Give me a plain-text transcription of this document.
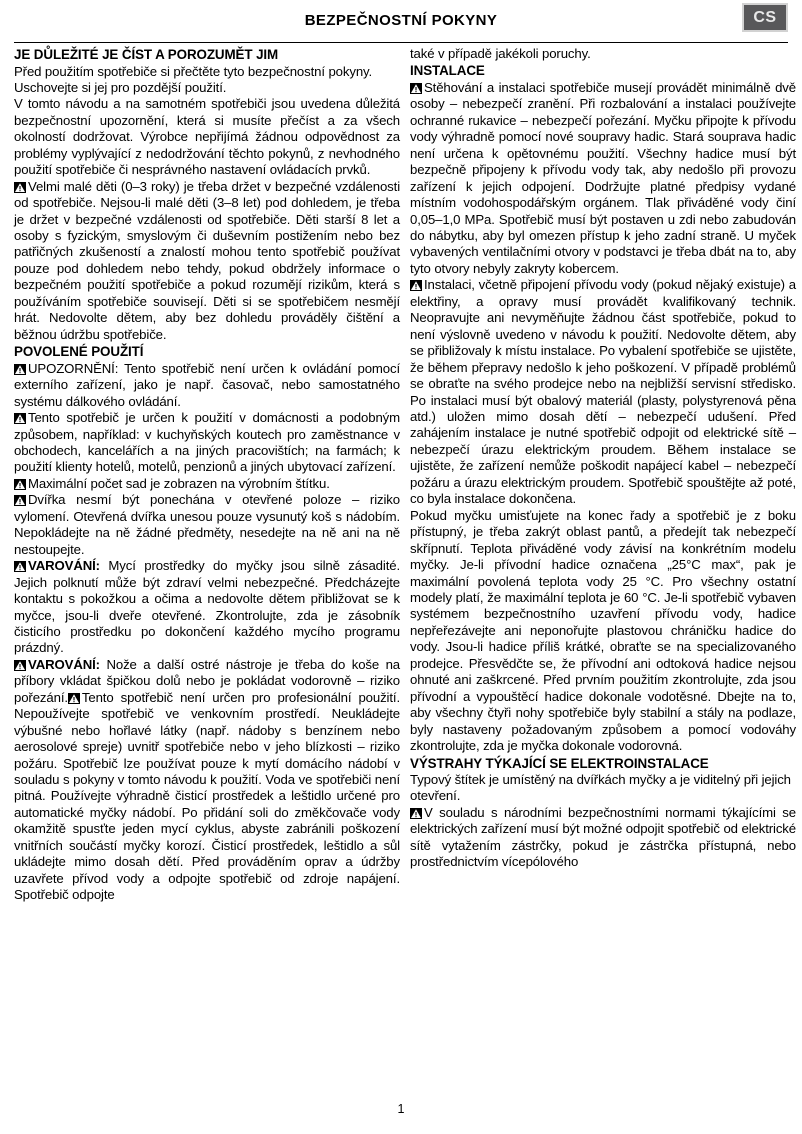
BEZPEČNOSTNÍ POKYNY	CS
JE DŮLEŽITÉ JE ČÍST A POROZUMĚT JIM

Před použitím spotřebiče si přečtěte tyto bezpečnostní pokyny. Uschovejte si jej pro pozdější použití.

V tomto návodu a na samotném spotřebiči jsou uvedena důležitá bezpečnostní upozornění, která si musíte přečíst a za všech okolností dodržovat. Výrobce nepřijímá žádnou odpovědnost za problémy vyplývající z nedodržování těchto pokynů, z nevhodného použití spotřebiče či nesprávného nastavení ovládacích prvků.

Velmi malé děti (0–3 roky) je třeba držet v bezpečné vzdálenosti od spotřebiče. Nejsou-li malé děti (3–8 let) pod dohledem, je třeba je držet v bezpečné vzdálenosti od spotřebiče. Děti starší 8 let a osoby s fyzickým, smyslovým či duševním postižením nebo bez patřičných zkušeností a znalostí mohou tento spotřebič používat pouze pod dohledem nebo tehdy, pokud obdržely informace o bezpečném použití spotřebiče a pokud rozumějí rizikům, která s používáním spotřebiče souvisejí. Děti si se spotřebičem nesmějí hrát. Nedovolte dětem, aby bez dohledu prováděly čištění a běžnou údržbu spotřebiče.

POVOLENÉ POUŽITÍ

UPOZORNĚNÍ: Tento spotřebič není určen k ovládání pomocí externího zařízení, jako je např. časovač, nebo samostatného systému dálkového ovládání.

Tento spotřebič je určen k použití v domácnosti a podobným způsobem, například: v kuchyňských koutech pro zaměstnance v obchodech, kancelářích a na jiných pracovištích; na farmách; k použití klienty hotelů, motelů, penzionů a jiných ubytovací zařízení.

Maximální počet sad je zobrazen na výrobním štítku.

Dvířka nesmí být ponechána v otevřené poloze – riziko vylomení. Otevřená dvířka unesou pouze vysunutý koš s nádobím. Nepokládejte na ně žádné předměty, nesedejte na ně ani na ně nestoupejte.

VAROVÁNÍ: Mycí prostředky do myčky jsou silně zásadité. Jejich polknutí může být zdraví velmi nebezpečné. Předcházejte kontaktu s pokožkou a očima a nedovolte dětem přibližovat se k myčce, jsou-li dveře otevřené. Zkontrolujte, zda je zásobník čisticího prostředku po dokončení každého mycího programu prázdný.

VAROVÁNÍ: Nože a další ostré nástroje je třeba do koše na příbory vkládat špičkou dolů nebo je pokládat vodorovně – riziko pořezání. Tento spotřebič není určen pro profesionální použití. Nepoužívejte spotřebič ve venkovním prostředí. Neukládejte výbušné nebo hořlavé látky (např. nádoby s benzínem nebo aerosolové spreje) uvnitř spotřebiče nebo v jeho blízkosti – riziko požáru. Spotřebič lze používat pouze k mytí domácího nádobí v souladu s pokyny v tomto návodu k použití. Voda ve spotřebiči není pitná. Používejte výhradně čisticí prostředek a leštidlo určené pro automatické myčky nádobí. Po přidání soli do změkčovače vody okamžitě spusťte jeden mycí cyklus, abyste zabránili poškození vnitřních součástí myčky korozí. Čisticí prostředek, leštidlo a sůl ukládejte mimo dosah dětí. Před prováděním oprav a údržby uzavřete přívod vody a odpojte spotřebič od zdroje napájení. Spotřebič odpojte

také v případě jakékoli poruchy.

INSTALACE

Stěhování a instalaci spotřebiče musejí provádět minimálně dvě osoby – nebezpečí zranění. Při rozbalování a instalaci používejte ochranné rukavice – nebezpečí pořezání. Myčku připojte k přívodu vody výhradně pomocí nové soupravy hadic. Stará souprava hadic není určena k opětovnému použití. Všechny hadice musí být bezpečně připojeny k přívodu vody tak, aby nedošlo při provozu zařízení k jejich odpojení. Dodržujte platné předpisy vydané místním vodohospodářským orgánem. Tlak přiváděné vody činí 0,05–1,0 MPa. Spotřebič musí být postaven u zdi nebo zabudován do nábytku, aby byl omezen přístup k jeho zadní straně. U myček vybavených ventilačními otvory v podstavci je třeba dbát na to, aby tyto otvory nebyly zakryty kobercem.

Instalaci, včetně připojení přívodu vody (pokud nějaký existuje) a elektřiny, a opravy musí provádět kvalifikovaný technik. Neopravujte ani nevyměňujte žádnou část spotřebiče, pokud to není výslovně uvedeno v návodu k použití. Nedovolte dětem, aby se přibližovaly k místu instalace. Po vybalení spotřebiče se ujistěte, že během přepravy nedošlo k jeho poškození. V případě problémů se obraťte na svého prodejce nebo na nejbližší servisní středisko. Po instalaci musí být obalový materiál (plasty, polystyrenová pěna atd.) uložen mimo dosah dětí – nebezpečí udušení. Před zahájením instalace je nutné spotřebič odpojit od elektrické sítě – nebezpečí úrazu elektrickým proudem. Během instalace se ujistěte, že zařízení nemůže poškodit napájecí kabel – nebezpečí požáru a úrazu elektrickým proudem. Spotřebič spouštějte až poté, co byla instalace dokončena.

Pokud myčku umisťujete na konec řady a spotřebič je z boku přístupný, je třeba zakrýt oblast pantů, a předejít tak nebezpečí skřípnutí. Teplota přiváděné vody závisí na konkrétním modelu myčky. Je-li přívodní hadice označena „25°C max“, pak je maximální povolená teplota vody 25 °C. Pro všechny ostatní modely platí, že maximální teplota je 60 °C. Je-li spotřebič vybaven systémem bezpečnostního uzavření přívodu vody, hadice nepřeřezávejte ani neponořujte plastovou chráničku hadice do vody. Jsou-li hadice příliš krátké, obraťte se na specializovaného prodejce. Přesvědčte se, že přívodní ani odtoková hadice nejsou ohnuté ani zaškrcené. Před prvním použitím zkontrolujte, zda jsou přívodní a vypouštěcí hadice dokonale vodotěsné. Dbejte na to, aby všechny čtyři nohy spotřebiče byly stabilní a stály na podlaze, byly nastaveny požadovaným způsobem a pomocí vodováhy zkontrolujte, zda je myčka dokonale vodorovná.

VÝSTRAHY TÝKAJÍCÍ SE ELEKTROINSTALACE

Typový štítek je umístěný na dvířkách myčky a je viditelný při jejich otevření.

V souladu s národními bezpečnostními normami týkajícími se elektrických zařízení musí být možné odpojit spotřebič od elektrické sítě vytažením zástrčky, pokud je zástrčka přístupná, nebo prostřednictvím vícepólového

1
